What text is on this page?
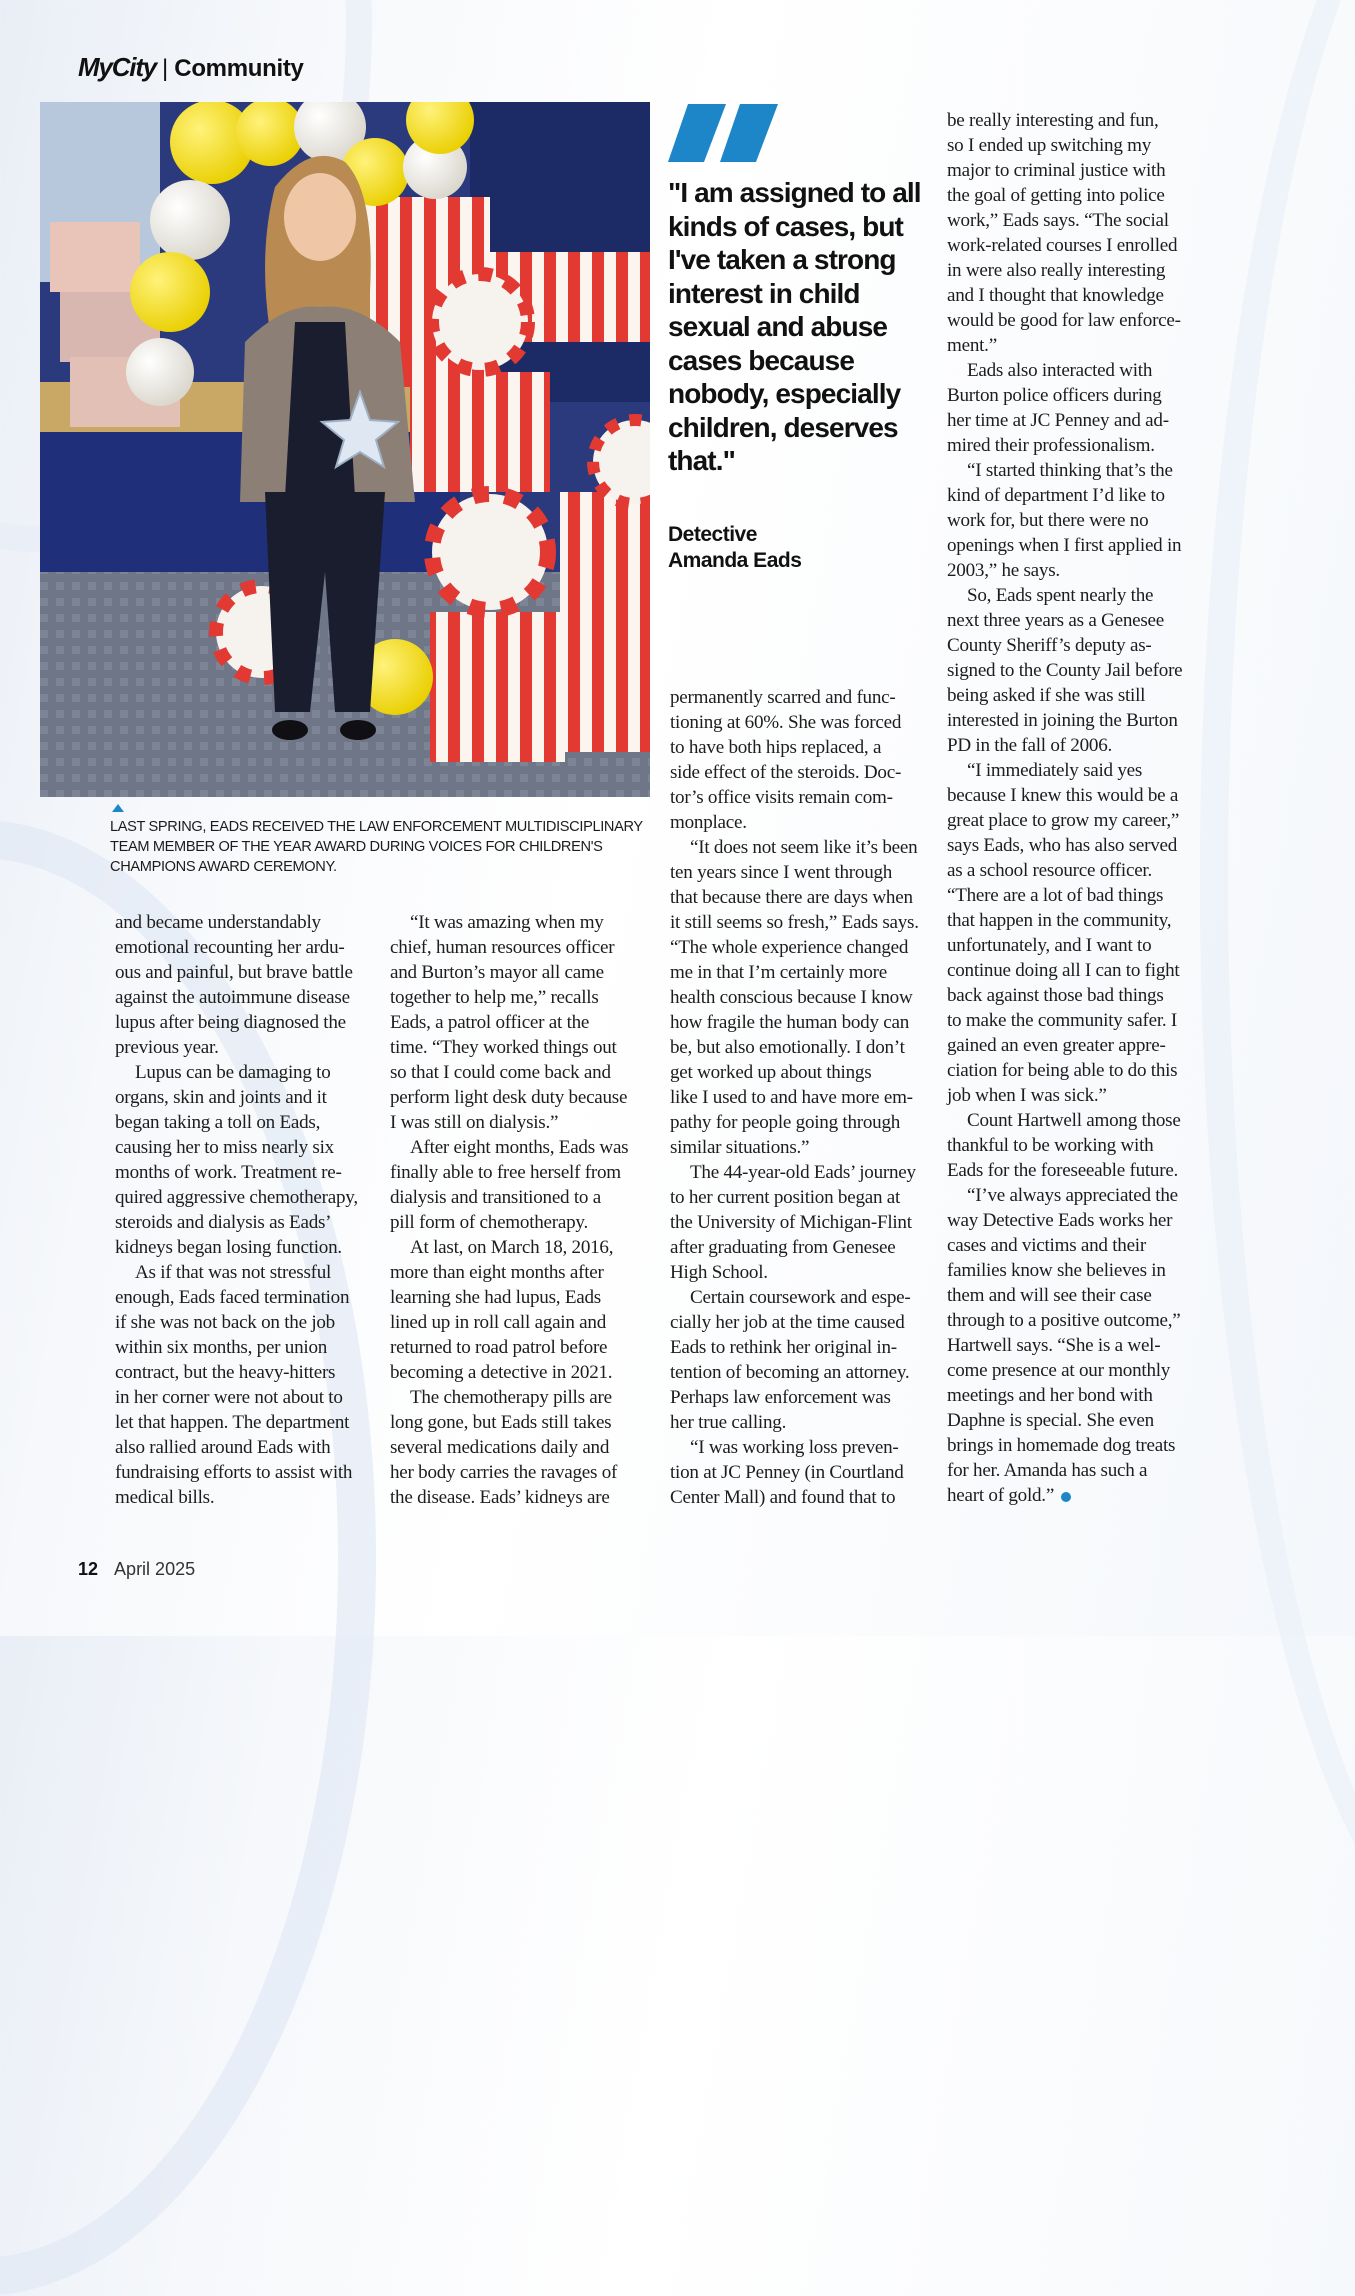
MyCity | Community
LAST SPRING, EADS RECEIVED THE LAW ENFORCEMENT MULTIDISCIPLINARY TEAM MEMBER OF THE YEAR AWARD DURING VOICES FOR CHILDREN'S CHAMPIONS AWARD CEREMONY.
"I am assigned to all kinds of cases, but I've taken a strong interest in child sexual and abuse cases because nobody, especially children, deserves that."
Detective
Amanda Eads

and became understandably

emotional recounting her ardu-

ous and painful, but brave battle

against the autoimmune disease

lupus after being diagnosed the

previous year.

Lupus can be damaging to

organs, skin and joints and it

began taking a toll on Eads,

causing her to miss nearly six

months of work. Treatment re-

quired aggressive chemotherapy,

steroids and dialysis as Eads’

kidneys began losing function.

As if that was not stressful

enough, Eads faced termination

if she was not back on the job

within six months, per union

contract, but the heavy-hitters

in her corner were not about to

let that happen. The department

also rallied around Eads with

fundraising efforts to assist with

medical bills.

“It was amazing when my

chief, human resources officer

and Burton’s mayor all came

together to help me,” recalls

Eads, a patrol officer at the

time. “They worked things out

so that I could come back and

perform light desk duty because

I was still on dialysis.”

After eight months, Eads was

finally able to free herself from

dialysis and transitioned to a

pill form of chemotherapy.

At last, on March 18, 2016,

more than eight months after

learning she had lupus, Eads

lined up in roll call again and

returned to road patrol before

becoming a detective in 2021.

The chemotherapy pills are

long gone, but Eads still takes

several medications daily and

her body carries the ravages of

the disease. Eads’ kidneys are

permanently scarred and func-

tioning at 60%. She was forced

to have both hips replaced, a

side effect of the steroids. Doc-

tor’s office visits remain com-

monplace.

“It does not seem like it’s been

ten years since I went through

that because there are days when

it still seems so fresh,” Eads says.

“The whole experience changed

me in that I’m certainly more

health conscious because I know

how fragile the human body can

be, but also emotionally. I don’t

get worked up about things

like I used to and have more em-

pathy for people going through

similar situations.”

The 44-year-old Eads’ journey

to her current position began at

the University of Michigan-Flint

after graduating from Genesee

High School.

Certain coursework and espe-

cially her job at the time caused

Eads to rethink her original in-

tention of becoming an attorney.

Perhaps law enforcement was

her true calling.

“I was working loss preven-

tion at JC Penney (in Courtland

Center Mall) and found that to

be really interesting and fun,

so I ended up switching my

major to criminal justice with

the goal of getting into police

work,” Eads says. “The social

work-related courses I enrolled

in were also really interesting

and I thought that knowledge

would be good for law enforce-

ment.”

Eads also interacted with

Burton police officers during

her time at JC Penney and ad-

mired their professionalism.

“I started thinking that’s the

kind of department I’d like to

work for, but there were no

openings when I first applied in

2003,” he says.

So, Eads spent nearly the

next three years as a Genesee

County Sheriff’s deputy as-

signed to the County Jail before

being asked if she was still

interested in joining the Burton

PD in the fall of 2006.

“I immediately said yes

because I knew this would be a

great place to grow my career,”

says Eads, who has also served

as a school resource officer.

“There are a lot of bad things

that happen in the community,

unfortunately, and I want to

continue doing all I can to fight

back against those bad things

to make the community safer. I

gained an even greater appre-

ciation for being able to do this

job when I was sick.”

Count Hartwell among those

thankful to be working with

Eads for the foreseeable future.

“I’ve always appreciated the

way Detective Eads works her

cases and victims and their

families know she believes in

them and will see their case

through to a positive outcome,”

Hartwell says. “She is a wel-

come presence at our monthly

meetings and her bond with

Daphne is special. She even

brings in homemade dog treats

for her. Amanda has such a

heart of gold.”

12 April 2025
